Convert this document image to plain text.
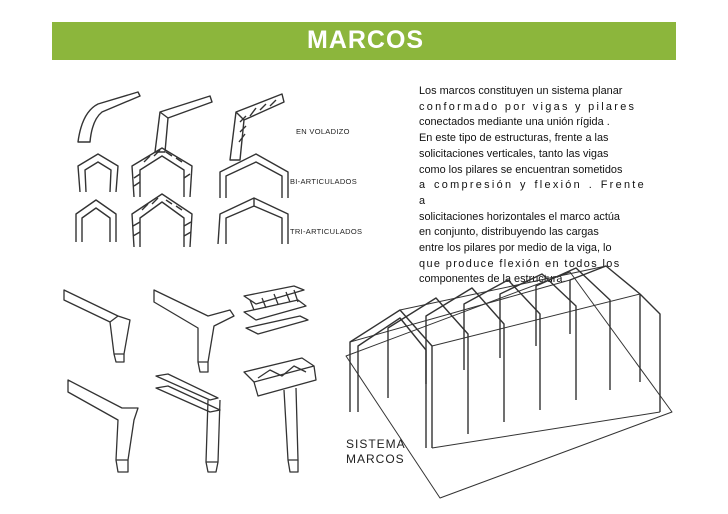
MARCOS
Los marcos constituyen un sistema planar
conformado por vigas y pilares
conectados mediante una unión rígida .
En este tipo de estructuras, frente a las
solicitaciones verticales, tanto las vigas
como los pilares se encuentran sometidos
a compresión y flexión . Frente a
solicitaciones horizontales el marco actúa
en conjunto, distribuyendo las cargas
entre los pilares por medio de la viga, lo
que produce flexión en todos los
componentes de la estructura.
EN VOLADIZO
BI-ARTICULADOS
TRI-ARTICULADOS
SISTEMA
MARCOS
